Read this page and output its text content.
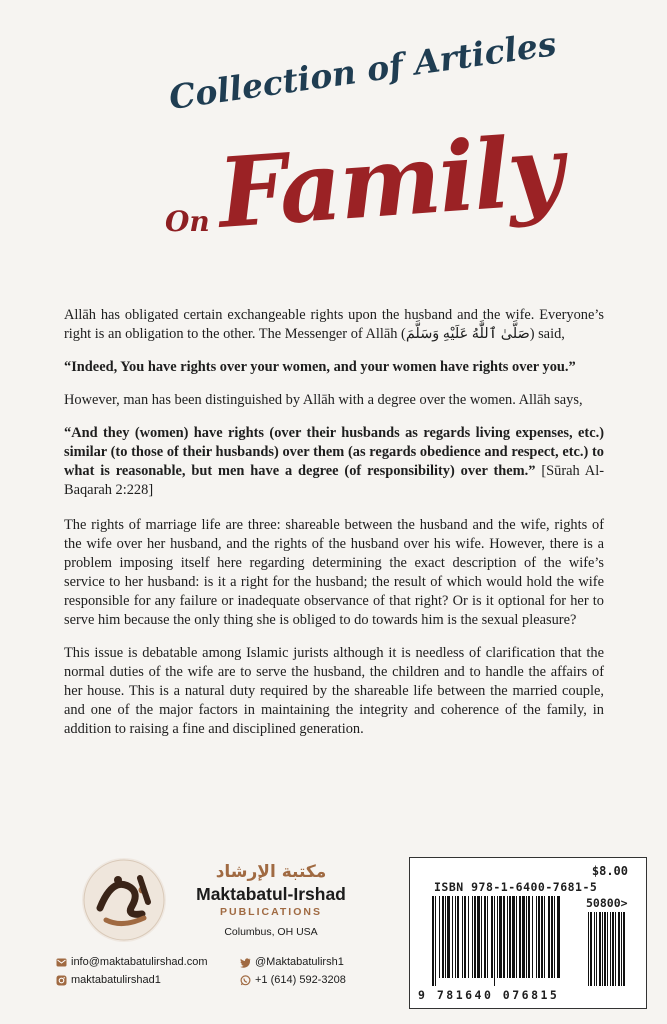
Collection of Articles
Family
On

Allāh has obligated certain exchangeable rights upon the husband and the wife. Everyone’s right is an obligation to the other. The Messenger of Allāh (صَلَّىٰ ٱللَّٰهُ عَلَيْهِ وَسَلَّمَ) said,

“Indeed, You have rights over your women, and your women have rights over you.”

However, man has been distinguished by Allāh with a degree over the women. Allāh says,

“And they (women) have rights (over their husbands as regards living expenses, etc.) similar (to those of their husbands) over them (as regards obedience and respect, etc.) to what is reasonable, but men have a degree (of responsibility) over them.” [Sūrah Al-Baqarah 2:228]

The rights of marriage life are three: shareable between the husband and the wife, rights of the wife over her husband, and the rights of the husband over his wife. However, there is a problem imposing itself here regarding determining the exact description of the wife’s service to her husband: is it a right for the husband; the result of which would hold the wife responsible for any failure or inadequate observance of that right? Or is it optional for her to serve him because the only thing she is obliged to do towards him is the sexual pleasure?

This issue is debatable among Islamic jurists although it is needless of clarification that the normal duties of the wife are to serve the husband, the children and to handle the affairs of her house. This is a natural duty required by the shareable life between the married couple, and one of the major factors in maintaining the integrity and coherence of the family, in addition to raising a fine and disciplined generation.

مكتبة الإرشاد
Maktabatul-Irshad
PUBLICATIONS
Columbus, OH USA
info@maktabatulirshad.com
maktabatulirshad1
@Maktabatulirsh1
+1 (614) 592-3208
$8.00
ISBN 978-1-6400-7681-5
50800>
9 781640 076815
